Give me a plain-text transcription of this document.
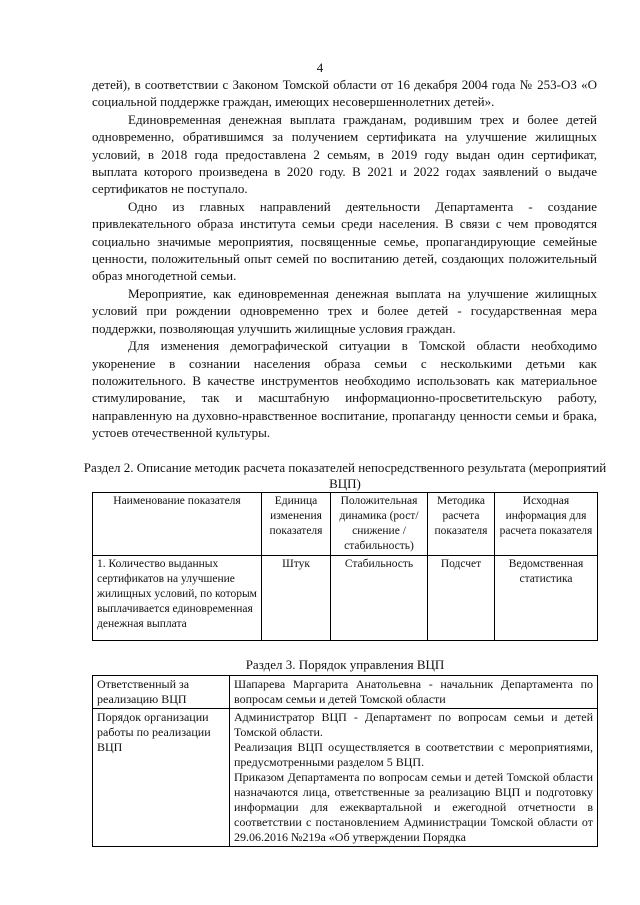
4

детей), в соответствии с Законом Томской области от 16 декабря 2004 года № 253-ОЗ «О социальной поддержке граждан, имеющих несовершеннолетних детей».

Единовременная денежная выплата гражданам, родившим трех и более детей одновременно, обратившимся за получением сертификата на улучшение жилищных условий, в 2018 года предоставлена 2 семьям, в 2019 году выдан один сертификат, выплата которого произведена в 2020 году. В 2021 и 2022 годах заявлений о выдаче сертификатов не поступало.

Одно из главных направлений деятельности Департамента - создание привлекательного образа института семьи среди населения. В связи с чем проводятся социально значимые мероприятия, посвященные семье, пропагандирующие семейные ценности, положительный опыт семей по воспитанию детей, создающих положительный образ многодетной семьи.

Мероприятие, как единовременная денежная выплата на улучшение жилищных условий при рождении одновременно трех и более детей - государственная мера поддержки, позволяющая улучшить жилищные условия граждан.

Для изменения демографической ситуации в Томской области необходимо укоренение в сознании населения образа семьи с несколькими детьми как положительного. В качестве инструментов необходимо использовать как материальное стимулирование, так и масштабную информационно-просветительскую работу, направленную на духовно-нравственное воспитание, пропаганду ценности семьи и брака, устоев отечественной культуры.

Раздел 2. Описание методик расчета показателей непосредственного результата (мероприятий ВЦП)
Наименование показателя	Единица изменения показателя	Положительная динамика (рост/снижение /стабильность)	Методика расчета показателя	Исходная информация для расчета показателя
1. Количество выданных сертификатов на улучшение жилищных условий, по которым выплачивается единовременная денежная выплата	Штук	Стабильность	Подсчет	Ведомственная статистика
Раздел 3. Порядок управления ВЦП
Ответственный за реализацию ВЦП	Шапарева Маргарита Анатольевна - начальник Департамента по вопросам семьи и детей Томской области
Порядок организации работы по реализации ВЦП	Администратор ВЦП - Департамент по вопросам семьи и детей Томской области.
Реализация ВЦП осуществляется в соответствии с мероприятиями, предусмотренными разделом 5 ВЦП.
Приказом Департамента по вопросам семьи и детей Томской области назначаются лица, ответственные за реализацию ВЦП и подготовку информации для ежеквартальной и ежегодной отчетности в соответствии с постановлением Администрации Томской области от 29.06.2016 №219а «Об утверждении Порядка
